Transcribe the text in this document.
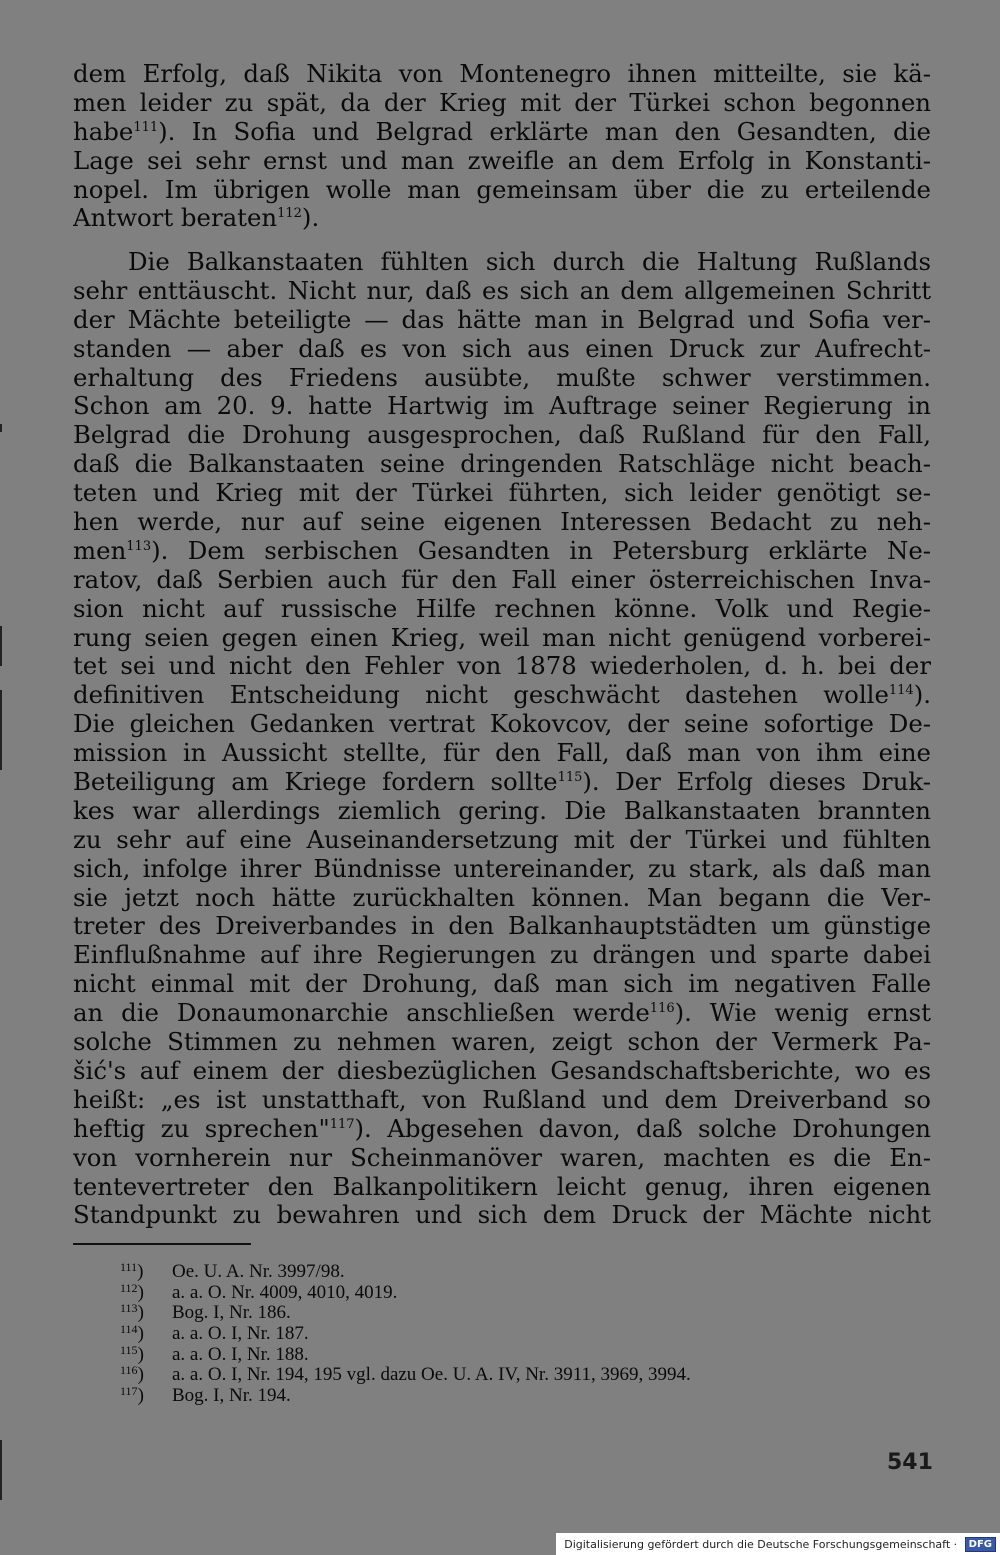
dem Erfolg, daß Nikita von Montenegro ihnen mitteilte, sie kä-
men leider zu spät, da der Krieg mit der Türkei schon begonnen
habe$^{111}$). In Sofia und Belgrad erklärte man den Gesandten, die
Lage sei sehr ernst und man zweifle an dem Erfolg in Konstanti-
nopel. Im übrigen wolle man gemeinsam über die zu erteilende
Antwort beraten$^{112}$).
Die Balkanstaaten fühlten sich durch die Haltung Rußlands
sehr enttäuscht. Nicht nur, daß es sich an dem allgemeinen Schritt
der Mächte beteiligte — das hätte man in Belgrad und Sofia ver-
standen — aber daß es von sich aus einen Druck zur Aufrecht-
erhaltung des Friedens ausübte, mußte schwer verstimmen.
Schon am 20. 9. hatte Hartwig im Auftrage seiner Regierung in
Belgrad die Drohung ausgesprochen, daß Rußland für den Fall,
daß die Balkanstaaten seine dringenden Ratschläge nicht beach-
teten und Krieg mit der Türkei führten, sich leider genötigt se-
hen werde, nur auf seine eigenen Interessen Bedacht zu neh-
men$^{113}$). Dem serbischen Gesandten in Petersburg erklärte Ne-
ratov, daß Serbien auch für den Fall einer österreichischen Inva-
sion nicht auf russische Hilfe rechnen könne. Volk und Regie-
rung seien gegen einen Krieg, weil man nicht genügend vorberei-
tet sei und nicht den Fehler von 1878 wiederholen, d. h. bei der
definitiven Entscheidung nicht geschwächt dastehen wolle$^{114}$).
Die gleichen Gedanken vertrat Kokovcov, der seine sofortige De-
mission in Aussicht stellte, für den Fall, daß man von ihm eine
Beteiligung am Kriege fordern sollte$^{115}$). Der Erfolg dieses Druk-
kes war allerdings ziemlich gering. Die Balkanstaaten brannten
zu sehr auf eine Auseinandersetzung mit der Türkei und fühlten
sich, infolge ihrer Bündnisse untereinander, zu stark, als daß man
sie jetzt noch hätte zurückhalten können. Man begann die Ver-
treter des Dreiverbandes in den Balkanhauptstädten um günstige
Einflußnahme auf ihre Regierungen zu drängen und sparte dabei
nicht einmal mit der Drohung, daß man sich im negativen Falle
an die Donaumonarchie anschließen werde$^{116}$). Wie wenig ernst
solche Stimmen zu nehmen waren, zeigt schon der Vermerk Pa-
šić's auf einem der diesbezüglichen Gesandschaftsberichte, wo es
heißt: „es ist unstatthaft, von Rußland und dem Dreiverband so
heftig zu sprechen"$^{117}$). Abgesehen davon, daß solche Drohungen
von vornherein nur Scheinmanöver waren, machten es die En-
tentevertreter den Balkanpolitikern leicht genug, ihren eigenen
Standpunkt zu bewahren und sich dem Druck der Mächte nicht
$^{111}$) Oe. U. A. Nr. 3997/98.
$^{112}$) a. a. O. Nr. 4009, 4010, 4019.
$^{113}$) Bog. I, Nr. 186.
$^{114}$) a. a. O. I, Nr. 187.
$^{115}$) a. a. O. I, Nr. 188.
$^{116}$) a. a. O. I, Nr. 194, 195 vgl. dazu Oe. U. A. IV, Nr. 3911, 3969, 3994.
$^{117}$) Bog. I, Nr. 194.
541
Digitalisierung gefördert durch die Deutsche Forschungsgemeinschaft · DFG
